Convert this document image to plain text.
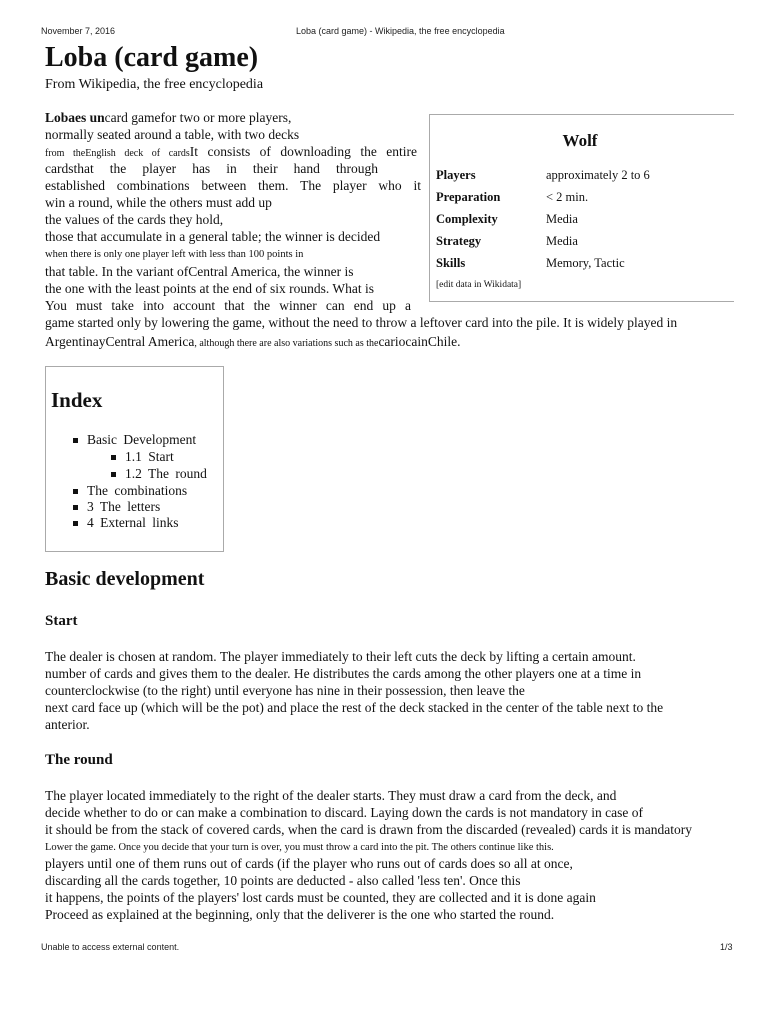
November 7, 2016	Loba (card game) - Wikipedia, the free encyclopedia
Loba (card game)
From Wikipedia, the free encyclopedia
Lobaes uncard gamefor two or more players,
normally seated around a table, with two decks
from theEnglish deck of cardsIt consists of downloading the entire
cardsthat the player has in their hand through
established combinations between them. The player who it
win a round, while the others must add up
the values of the cards they hold,
those that accumulate in a general table; the winner is decided
when there is only one player left with less than 100 points in
that table. In the variant ofCentral America, the winner is
the one with the least points at the end of six rounds. What is
You must take into account that the winner can end up a
game started only by lowering the game, without the need to throw a leftover card into the pile. It is widely played in
ArgentinayCentral America, although there are also variations such as thecariocainChile.
Wolf
Players	approximately 2 to 6
Preparation	< 2 min.
Complexity	Media
Strategy	Media
Skills	Memory, Tactic
[edit data in Wikidata]
Index
Basic Development
1.1 Start
1.2 The round
The combinations
3 The letters
4 External links
Basic development
Start
The dealer is chosen at random. The player immediately to their left cuts the deck by lifting a certain amount.
number of cards and gives them to the dealer. He distributes the cards among the other players one at a time in
counterclockwise (to the right) until everyone has nine in their possession, then leave the
next card face up (which will be the pot) and place the rest of the deck stacked in the center of the table next to the
anterior.
The round
The player located immediately to the right of the dealer starts. They must draw a card from the deck, and
decide whether to do or can make a combination to discard. Laying down the cards is not mandatory in case of
it should be from the stack of covered cards, when the card is drawn from the discarded (revealed) cards it is mandatory
Lower the game. Once you decide that your turn is over, you must throw a card into the pit. The others continue like this.
players until one of them runs out of cards (if the player who runs out of cards does so all at once,
discarding all the cards together, 10 points are deducted - also called 'less ten'. Once this
it happens, the points of the players' lost cards must be counted, they are collected and it is done again
Proceed as explained at the beginning, only that the deliverer is the one who started the round.
Unable to access external content.	1/3
